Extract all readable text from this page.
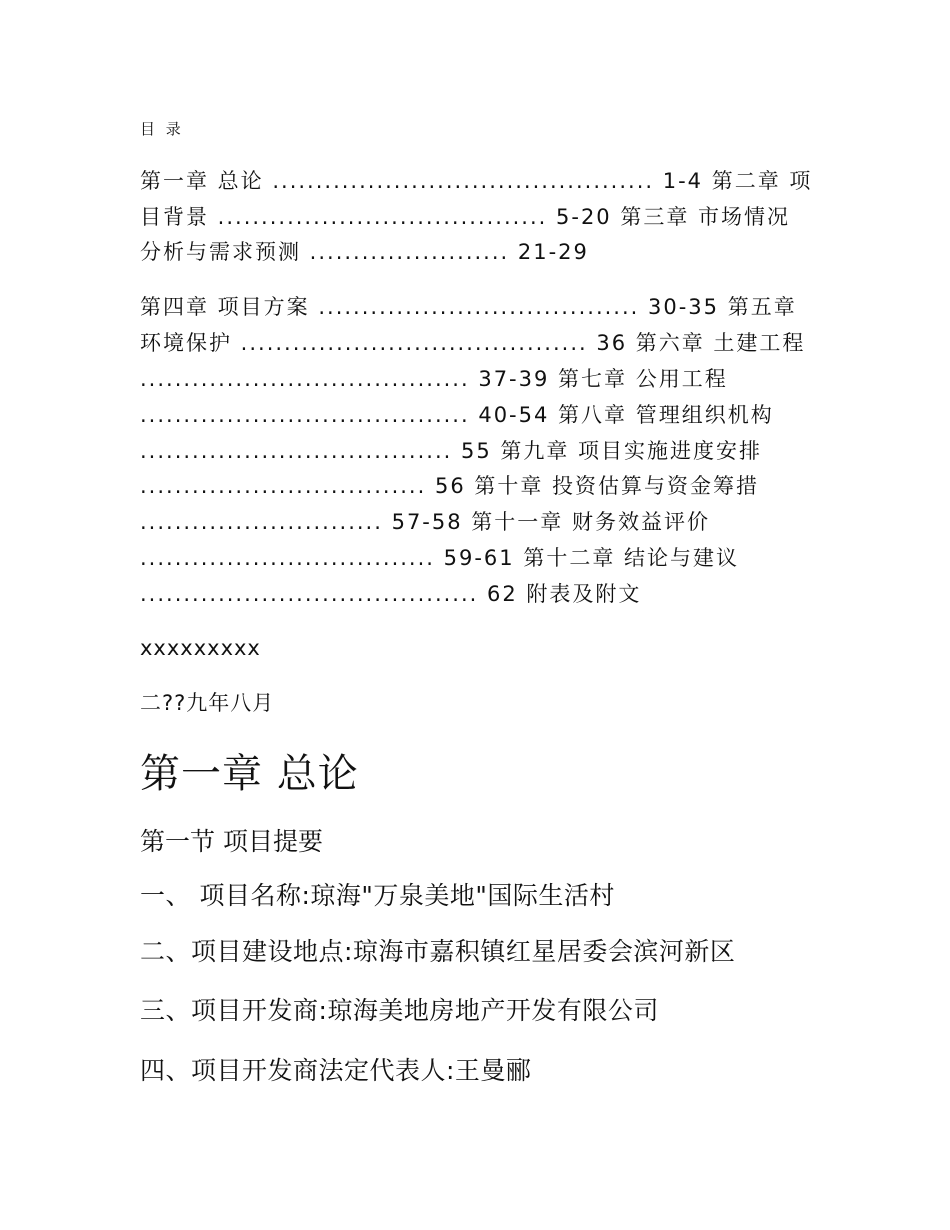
目 录
第一章 总论 ............................................ 1-4 第二章 项
目背景 ...................................... 5-20 第三章 市场情况
分析与需求预测 ....................... 21-29
第四章 项目方案 ..................................... 30-35 第五章
环境保护 ........................................ 36 第六章 土建工程
...................................... 37-39 第七章 公用工程
...................................... 40-54 第八章 管理组织机构
.................................... 55 第九章 项目实施进度安排
................................. 56 第十章 投资估算与资金筹措
............................ 57-58 第十一章 财务效益评价
.................................. 59-61 第十二章 结论与建议
....................................... 62 附表及附文
xxxxxxxxx
二??九年八月
第一章 总论
第一节 项目提要
一、 项目名称:琼海"万泉美地"国际生活村
二、项目建设地点:琼海市嘉积镇红星居委会滨河新区
三、项目开发商:琼海美地房地产开发有限公司
四、项目开发商法定代表人:王曼郦
